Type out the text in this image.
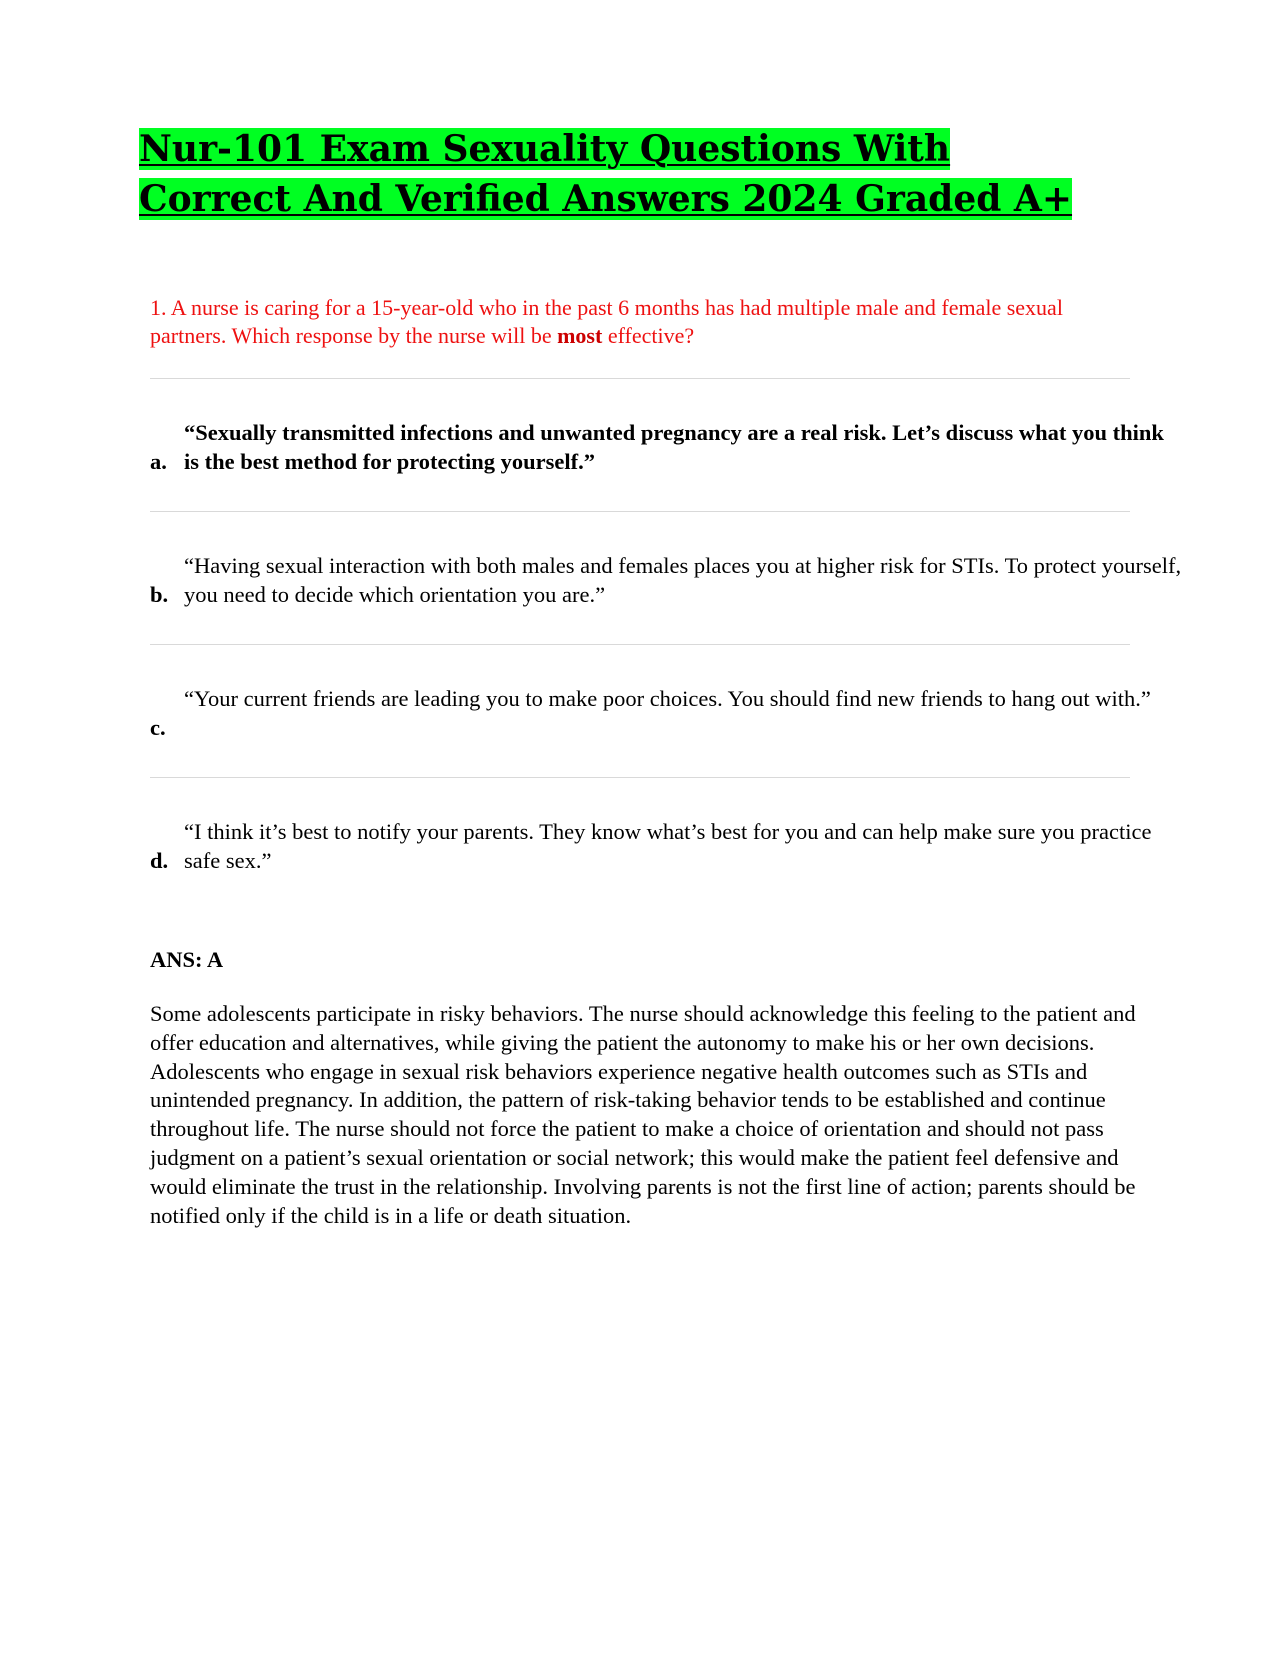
Nur-101 Exam Sexuality Questions With Correct And Verified Answers 2024 Graded A+

1. A nurse is caring for a 15-year-old who in the past 6 months has had multiple male and female sexual partners. Which response by the nurse will be most effective?

a.
“Sexually transmitted infections and unwanted pregnancy are a real risk. Let’s discuss what you think is the best method for protecting yourself.”
b.
“Having sexual interaction with both males and females places you at higher risk for STIs. To protect yourself, you need to decide which orientation you are.”
c.
“Your current friends are leading you to make poor choices. You should find new friends to hang out with.”
d.
“I think it’s best to notify your parents. They know what’s best for you and can help make sure you practice safe sex.”

ANS: A

Some adolescents participate in risky behaviors. The nurse should acknowledge this feeling to the patient and offer education and alternatives, while giving the patient the autonomy to make his or her own decisions. Adolescents who engage in sexual risk behaviors experience negative health outcomes such as STIs and unintended pregnancy. In addition, the pattern of risk-taking behavior tends to be established and continue throughout life. The nurse should not force the patient to make a choice of orientation and should not pass judgment on a patient’s sexual orientation or social network; this would make the patient feel defensive and would eliminate the trust in the relationship. Involving parents is not the first line of action; parents should be notified only if the child is in a life or death situation.
